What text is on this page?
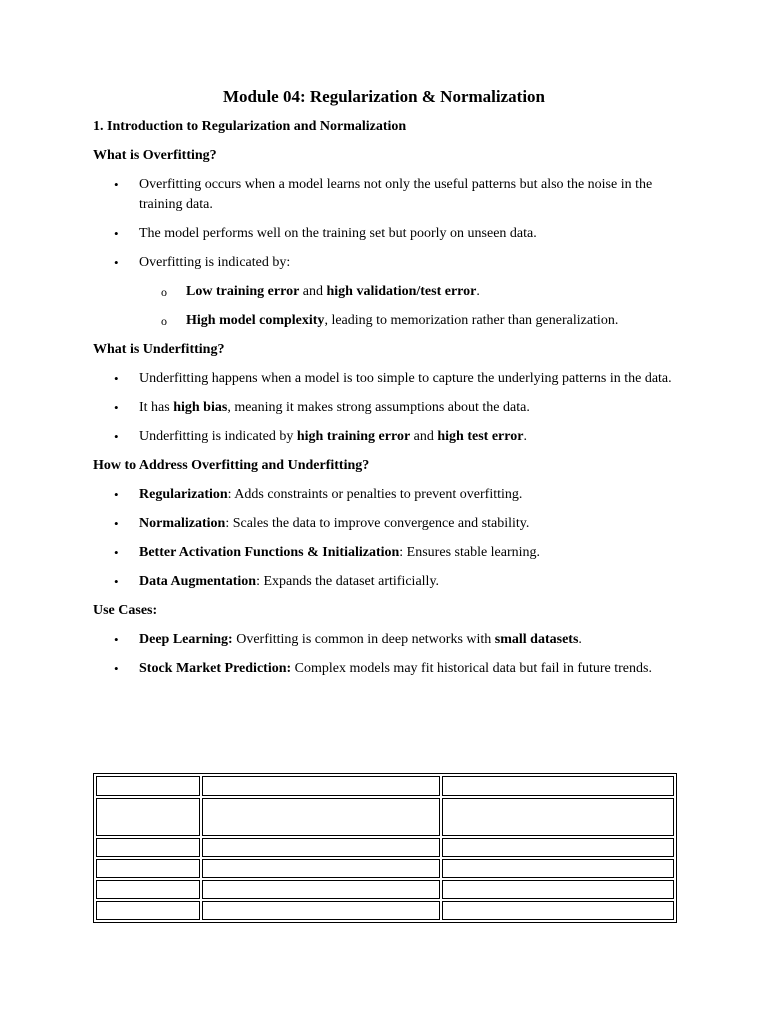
Module 04: Regularization & Normalization
1. Introduction to Regularization and Normalization
What is Overfitting?
• Overfitting occurs when a model learns not only the useful patterns but also the noise in the training data.
• The model performs well on the training set but poorly on unseen data.
• Overfitting is indicated by:
o Low training error and high validation/test error.
o High model complexity, leading to memorization rather than generalization.
What is Underfitting?
• Underfitting happens when a model is too simple to capture the underlying patterns in the data.
• It has high bias, meaning it makes strong assumptions about the data.
• Underfitting is indicated by high training error and high test error.
How to Address Overfitting and Underfitting?
• Regularization: Adds constraints or penalties to prevent overfitting.
• Normalization: Scales the data to improve convergence and stability.
• Better Activation Functions & Initialization: Ensures stable learning.
• Data Augmentation: Expands the dataset artificially.
Use Cases:
• Deep Learning: Overfitting is common in deep networks with small datasets.
• Stock Market Prediction: Complex models may fit historical data but fail in future trends.
